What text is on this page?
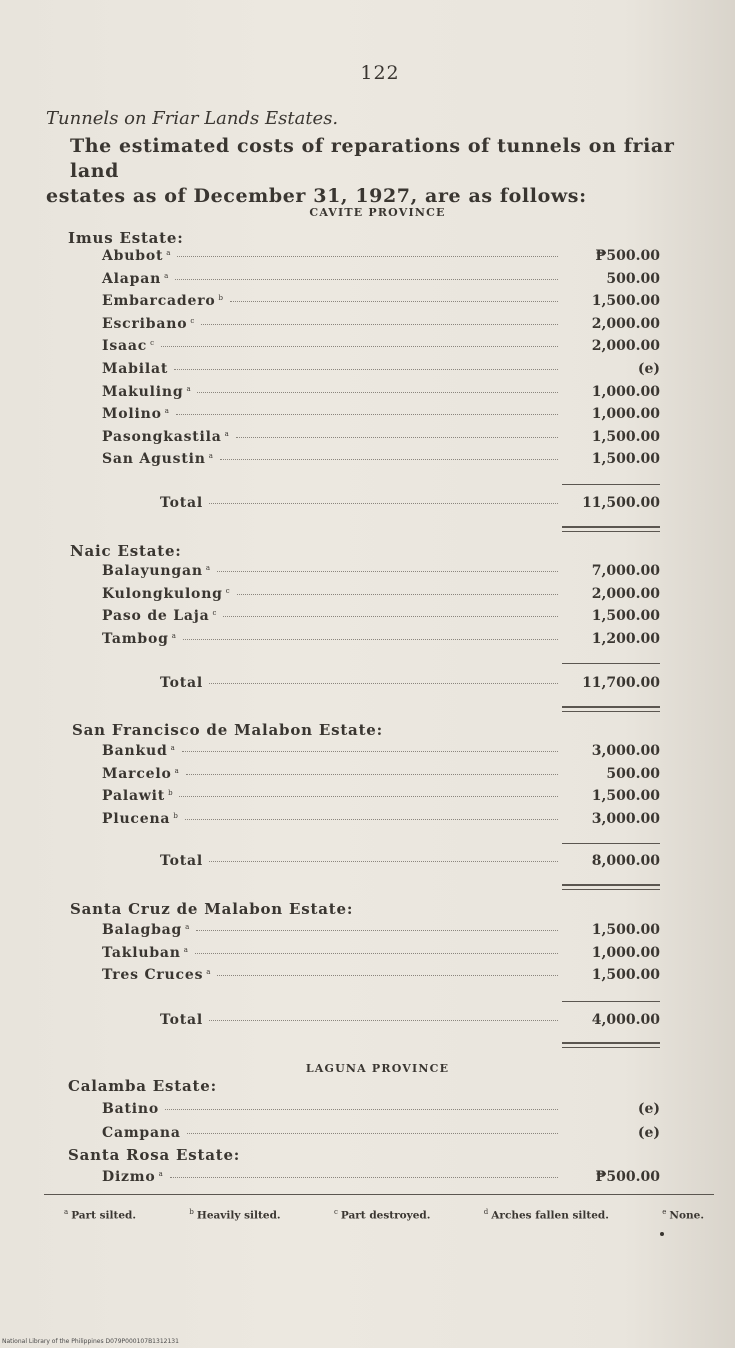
122
Tunnels on Friar Lands Estates.
The estimated costs of reparations of tunnels on friar land
estates as of December 31, 1927, are as follows:
CAVITE PROVINCE
Imus Estate:
Abubot $^a$	₱500.00
Alapan $^a$	500.00
Embarcadero $^b$	1,500.00
Escribano $^c$	2,000.00
Isaac $^c$	2,000.00
Mabilat	(e)
Makuling $^a$	1,000.00
Molino $^a$	1,000.00
Pasongkastila $^a$	1,500.00
San Agustin $^a$	1,500.00
Total	11,500.00
Naic Estate:
Balayungan $^a$	7,000.00
Kulongkulong $^c$	2,000.00
Paso de Laja $^c$	1,500.00
Tambog $^a$	1,200.00
Total	11,700.00
San Francisco de Malabon Estate:
Bankud $^a$	3,000.00
Marcelo $^a$	500.00
Palawit $^b$	1,500.00
Plucena $^b$	3,000.00
Total	8,000.00
Santa Cruz de Malabon Estate:
Balagbag $^a$	1,500.00
Takluban $^a$	1,000.00
Tres Cruces $^a$	1,500.00
Total	4,000.00
LAGUNA PROVINCE
Calamba Estate:
Batino	(e)
Campana	(e)
Santa Rosa Estate:
Dizmo $^a$	₱500.00
$^a$ Part silted.	$^b$ Heavily silted.	$^c$ Part destroyed.	$^d$ Arches fallen silted.	$^e$ None.
National Library of the Philippines D079P000107B1312131
